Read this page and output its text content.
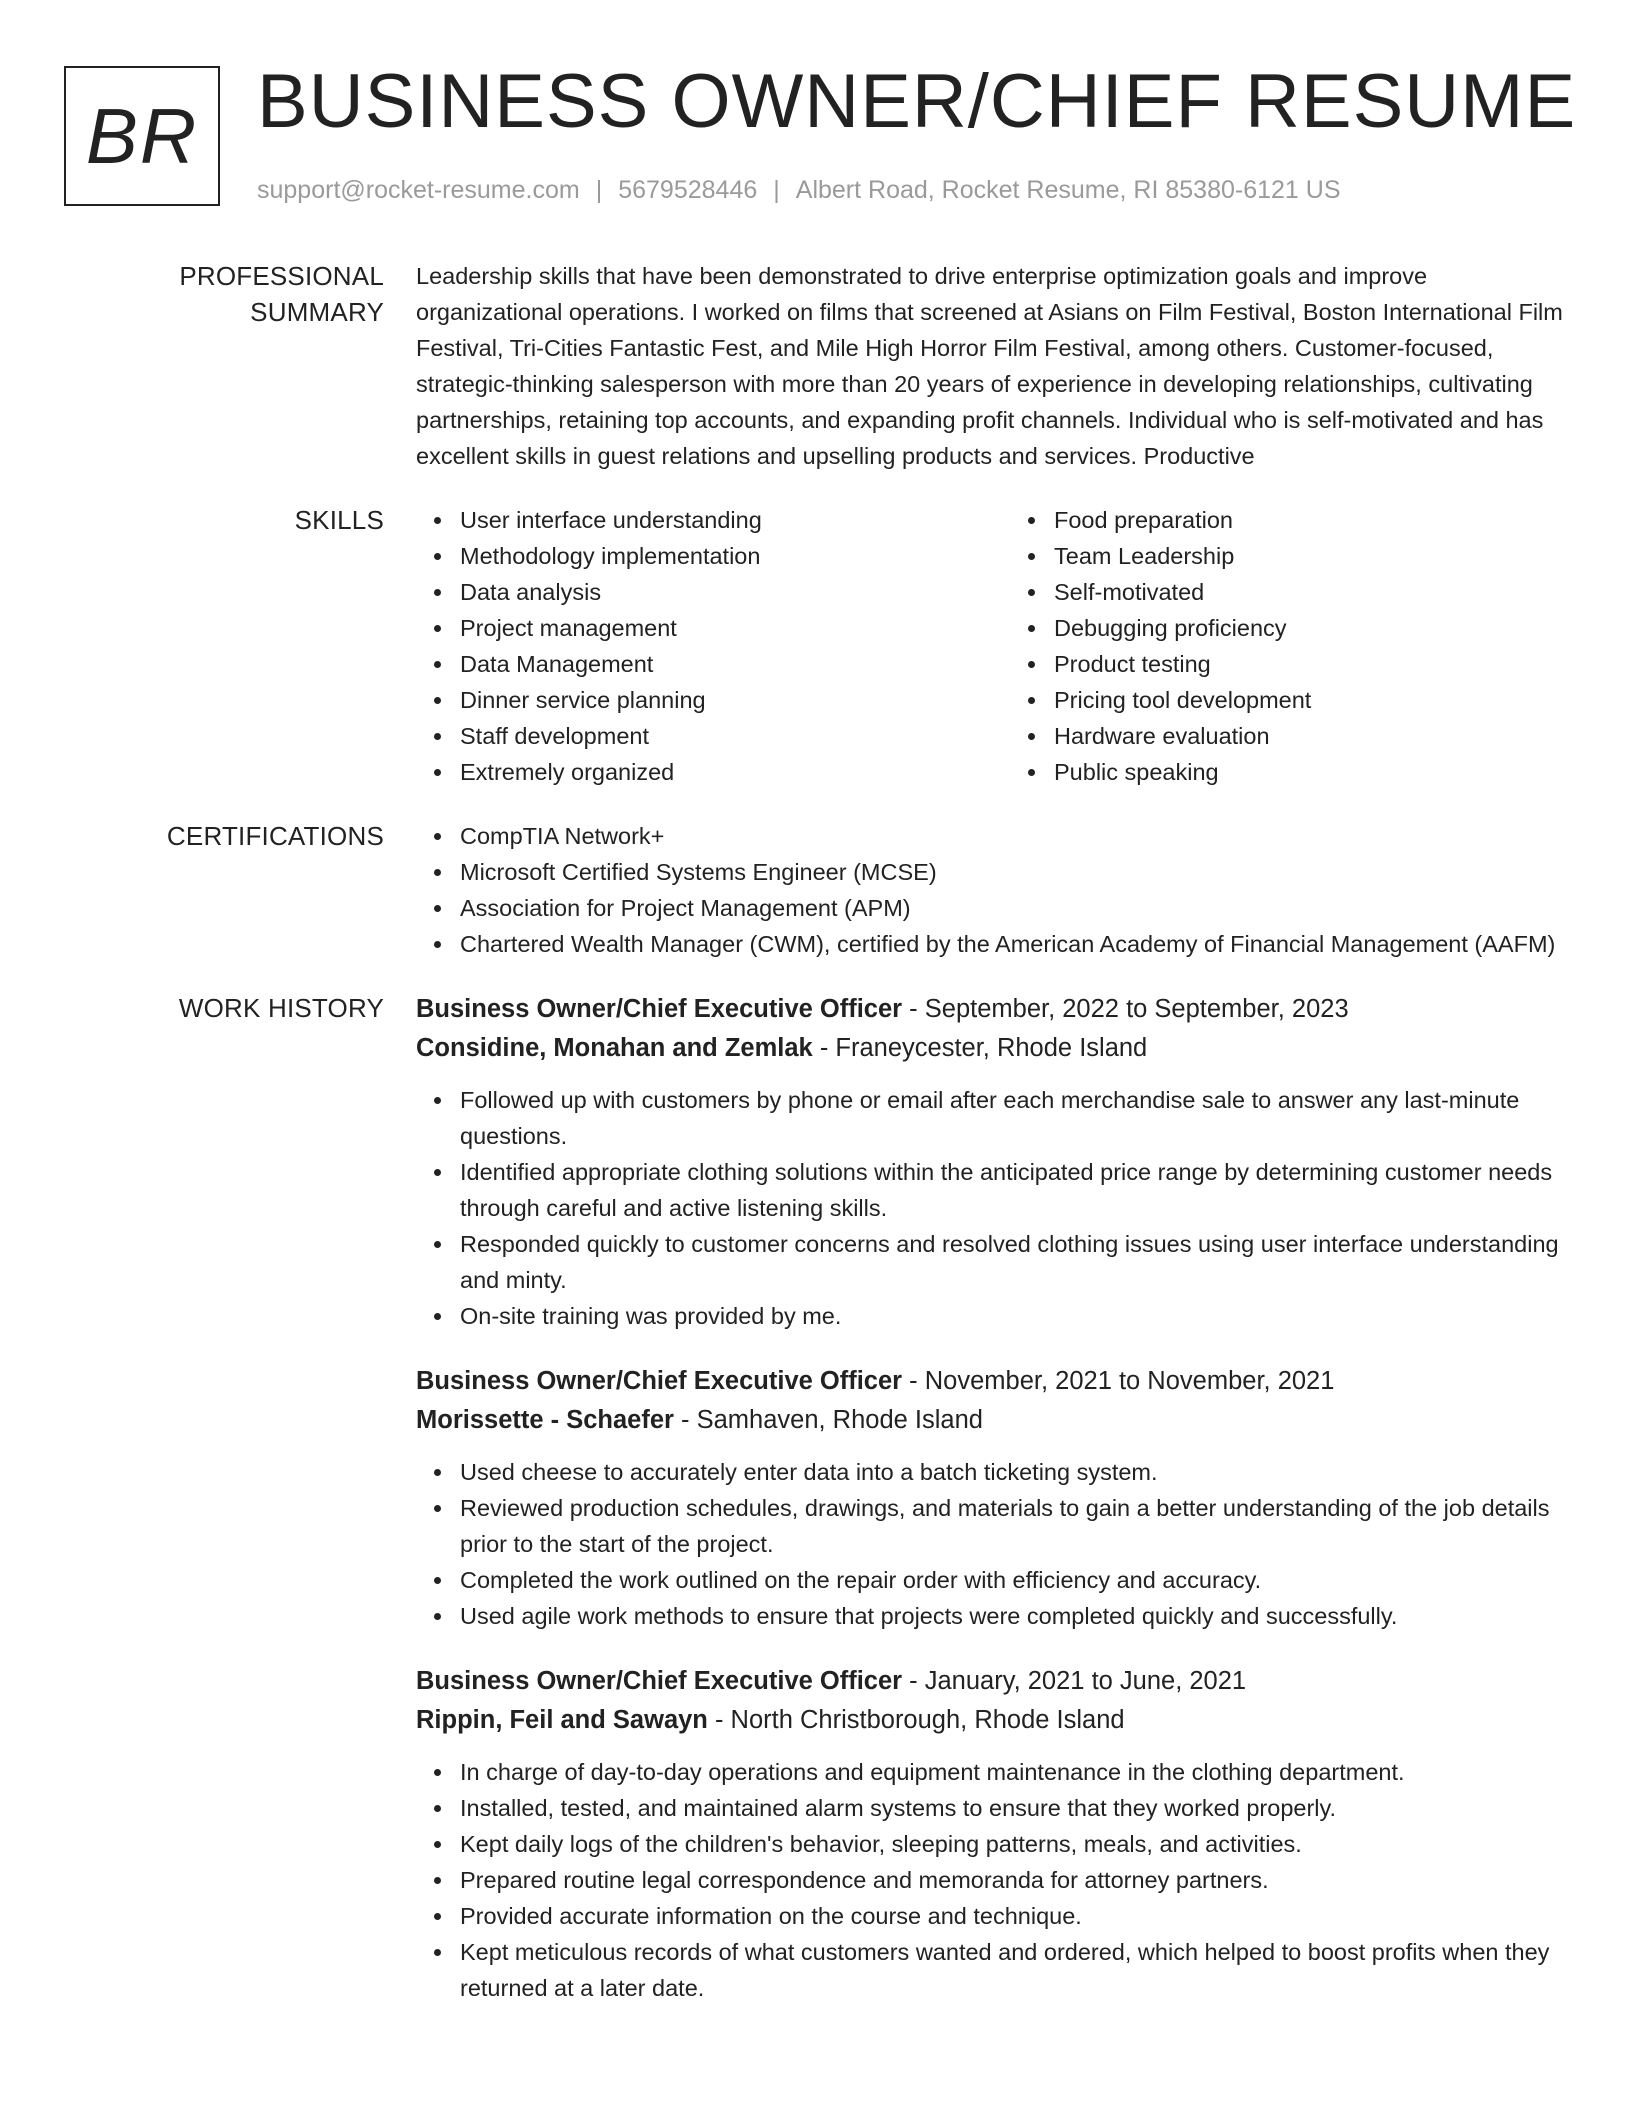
BR BUSINESS OWNER/CHIEF RESUME
support@rocket-resume.com | 5679528446 | Albert Road, Rocket Resume, RI 85380-6121 US
PROFESSIONAL SUMMARY

Leadership skills that have been demonstrated to drive enterprise optimization goals and improve organizational operations. I worked on films that screened at Asians on Film Festival, Boston International Film Festival, Tri-Cities Fantastic Fest, and Mile High Horror Film Festival, among others. Customer-focused, strategic-thinking salesperson with more than 20 years of experience in developing relationships, cultivating partnerships, retaining top accounts, and expanding profit channels. Individual who is self-motivated and has excellent skills in guest relations and upselling products and services. Productive

SKILLS	User interface understanding
Methodology implementation
Data analysis
Project management
Data Management
Dinner service planning
Staff development
Extremely organized
Food preparation
Team Leadership
Self-motivated
Debugging proficiency
Product testing
Pricing tool development
Hardware evaluation
Public speaking
CERTIFICATIONS	CompTIA Network+
Microsoft Certified Systems Engineer (MCSE)
Association for Project Management (APM)
Chartered Wealth Manager (CWM), certified by the American Academy of Financial Management (AAFM)
WORK HISTORY	Business Owner/Chief Executive Officer - September, 2022 to September, 2023

Considine, Monahan and Zemlak - Franeycester, Rhode Island

Followed up with customers by phone or email after each merchandise sale to answer any last-minute questions.
Identified appropriate clothing solutions within the anticipated price range by determining customer needs through careful and active listening skills.
Responded quickly to customer concerns and resolved clothing issues using user interface understanding and minty.
On-site training was provided by me.

Business Owner/Chief Executive Officer - November, 2021 to November, 2021

Morissette - Schaefer - Samhaven, Rhode Island

Used cheese to accurately enter data into a batch ticketing system.
Reviewed production schedules, drawings, and materials to gain a better understanding of the job details prior to the start of the project.
Completed the work outlined on the repair order with efficiency and accuracy.
Used agile work methods to ensure that projects were completed quickly and successfully.

Business Owner/Chief Executive Officer - January, 2021 to June, 2021

Rippin, Feil and Sawayn - North Christborough, Rhode Island

In charge of day-to-day operations and equipment maintenance in the clothing department.
Installed, tested, and maintained alarm systems to ensure that they worked properly.
Kept daily logs of the children's behavior, sleeping patterns, meals, and activities.
Prepared routine legal correspondence and memoranda for attorney partners.
Provided accurate information on the course and technique.
Kept meticulous records of what customers wanted and ordered, which helped to boost profits when they returned at a later date.
